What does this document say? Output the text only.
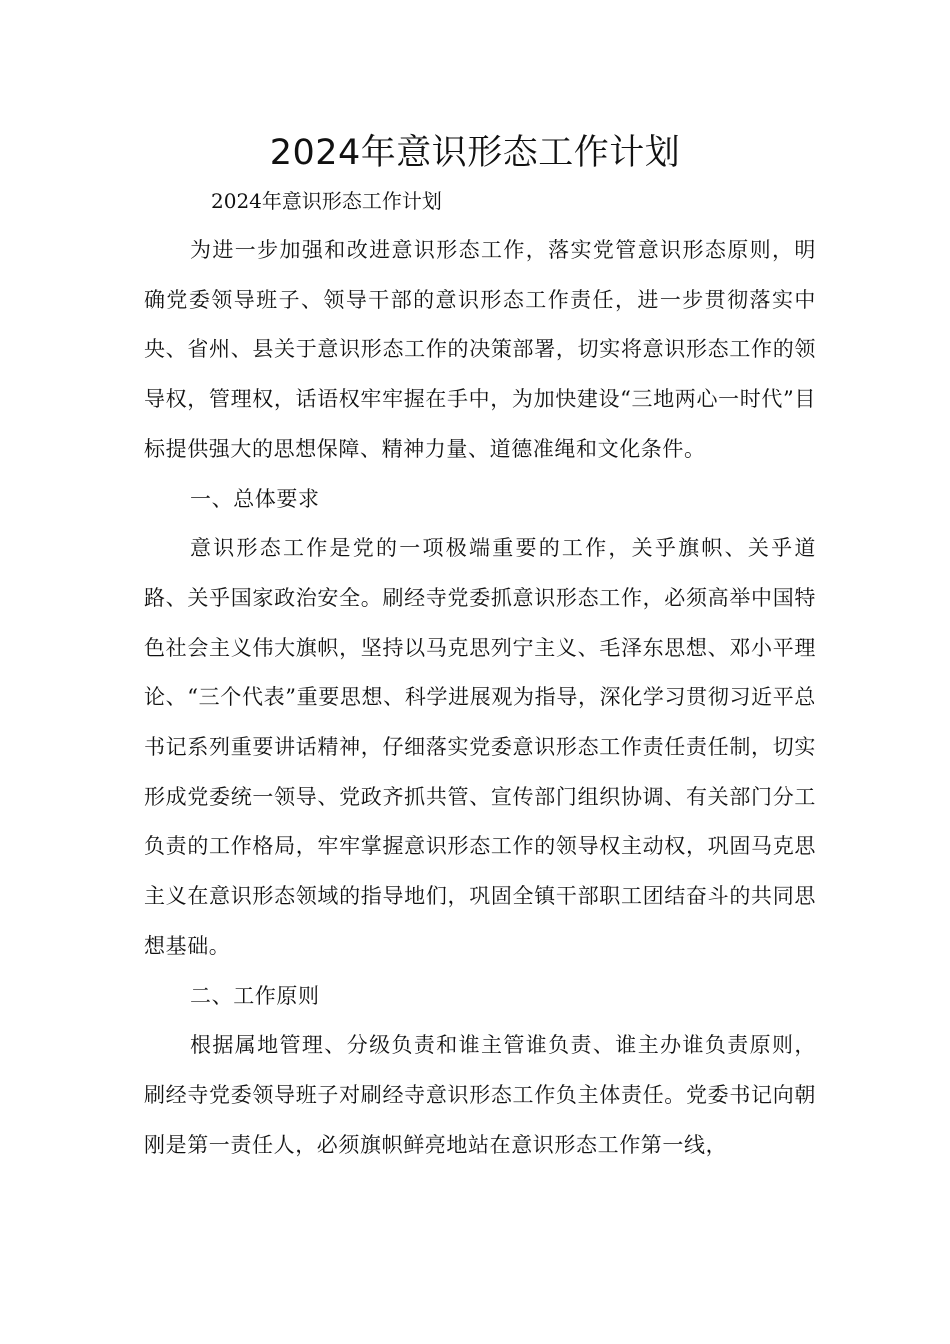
2024年意识形态工作计划

2024年意识形态工作计划

为进一步加强和改进意识形态工作，落实党管意识形态原则，明确党委领导班子、领导干部的意识形态工作责任，进一步贯彻落实中央、省州、县关于意识形态工作的决策部署，切实将意识形态工作的领导权，管理权，话语权牢牢握在手中，为加快建设“三地两心一时代”目标提供强大的思想保障、精神力量、道德准绳和文化条件。

一、总体要求

意识形态工作是党的一项极端重要的工作，关乎旗帜、关乎道路、关乎国家政治安全。刷经寺党委抓意识形态工作，必须高举中国特色社会主义伟大旗帜，坚持以马克思列宁主义、毛泽东思想、邓小平理论、“三个代表”重要思想、科学进展观为指导，深化学习贯彻习近平总书记系列重要讲话精神，仔细落实党委意识形态工作责任责任制，切实形成党委统一领导、党政齐抓共管、宣传部门组织协调、有关部门分工负责的工作格局，牢牢掌握意识形态工作的领导权主动权，巩固马克思主义在意识形态领域的指导地们，巩固全镇干部职工团结奋斗的共同思想基础。

二、工作原则

根据属地管理、分级负责和谁主管谁负责、谁主办谁负责原则，刷经寺党委领导班子对刷经寺意识形态工作负主体责任。党委书记向朝刚是第一责任人，必须旗帜鲜亮地站在意识形态工作第一线，
